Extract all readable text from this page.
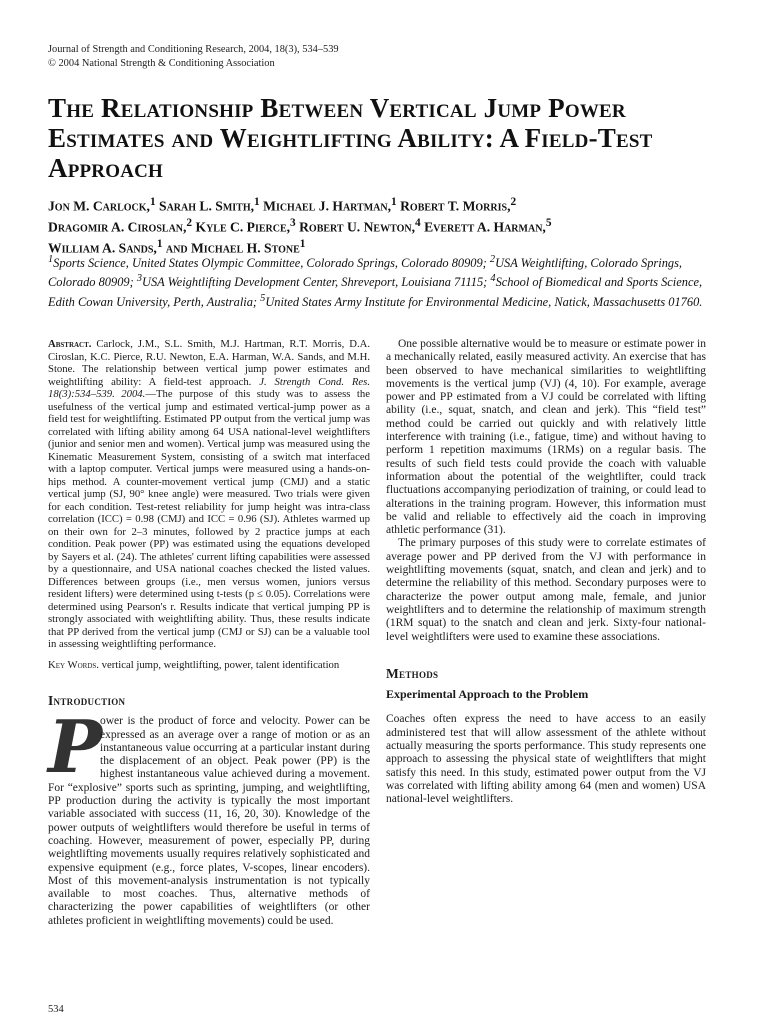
Journal of Strength and Conditioning Research, 2004, 18(3), 534–539
© 2004 National Strength & Conditioning Association
The Relationship Between Vertical Jump Power Estimates and Weightlifting Ability: A Field-Test Approach
Jon M. Carlock,$^1$ Sarah L. Smith,$^1$ Michael J. Hartman,$^1$ Robert T. Morris,$^2$
Dragomir A. Ciroslan,$^2$ Kyle C. Pierce,$^3$ Robert U. Newton,$^4$ Everett A. Harman,$^5$
William A. Sands,$^1$ and Michael H. Stone$^1$
$^1$Sports Science, United States Olympic Committee, Colorado Springs, Colorado 80909; $^2$USA Weightlifting, Colorado Springs, Colorado 80909; $^3$USA Weightlifting Development Center, Shreveport, Louisiana 71115; $^4$School of Biomedical and Sports Science, Edith Cowan University, Perth, Australia; $^5$United States Army Institute for Environmental Medicine, Natick, Massachusetts 01760.
Abstract. Carlock, J.M., S.L. Smith, M.J. Hartman, R.T. Morris, D.A. Ciroslan, K.C. Pierce, R.U. Newton, E.A. Harman, W.A. Sands, and M.H. Stone. The relationship between vertical jump power estimates and weightlifting ability: A field-test approach. J. Strength Cond. Res. 18(3):534–539. 2004.—The purpose of this study was to assess the usefulness of the vertical jump and estimated vertical-jump power as a field test for weightlifting. Estimated PP output from the vertical jump was correlated with lifting ability among 64 USA national-level weightlifters (junior and senior men and women). Vertical jump was measured using the Kinematic Measurement System, consisting of a switch mat interfaced with a laptop computer. Vertical jumps were measured using a hands-on-hips method. A counter-movement vertical jump (CMJ) and a static vertical jump (SJ, 90° knee angle) were measured. Two trials were given for each condition. Test-retest reliability for jump height was intra-class correlation (ICC) = 0.98 (CMJ) and ICC = 0.96 (SJ). Athletes warmed up on their own for 2–3 minutes, followed by 2 practice jumps at each condition. Peak power (PP) was estimated using the equations developed by Sayers et al. (24). The athletes' current lifting capabilities were assessed by a questionnaire, and USA national coaches checked the listed values. Differences between groups (i.e., men versus women, juniors versus resident lifters) were determined using t-tests (p ≤ 0.05). Correlations were determined using Pearson's r. Results indicate that vertical jumping PP is strongly associated with weightlifting ability. Thus, these results indicate that PP derived from the vertical jump (CMJ or SJ) can be a valuable tool in assessing weightlifting performance.
Key Words. vertical jump, weightlifting, power, talent identification
Introduction
P
ower is the product of force and velocity. Power can be expressed as an average over a range of motion or as an instantaneous value occurring at a particular instant during the displacement of an object. Peak power (PP) is the highest instantaneous value achieved during a movement. For “explosive” sports such as sprinting, jumping, and weightlifting, PP production during the activity is typically the most important variable associated with success (11, 16, 20, 30). Knowledge of the power outputs of weightlifters would therefore be useful in terms of coaching. However, measurement of power, especially PP, during weightlifting movements usually requires relatively sophisticated and expensive equipment (e.g., force plates, V-scopes, linear encoders). Most of this movement-analysis instrumentation is not typically available to most coaches. Thus, alternative methods of characterizing the power capabilities of weightlifters (or other athletes proficient in weightlifting movements) could be used.
One possible alternative would be to measure or estimate power in a mechanically related, easily measured activity. An exercise that has been observed to have mechanical similarities to weightlifting movements is the vertical jump (VJ) (4, 10). For example, average power and PP estimated from a VJ could be correlated with lifting ability (i.e., squat, snatch, and clean and jerk). This “field test” method could be carried out quickly and with relatively little interference with training (i.e., fatigue, time) and without having to perform 1 repetition maximums (1RMs) on a regular basis. The results of such field tests could provide the coach with valuable information about the potential of the weightlifter, could track fluctuations accompanying periodization of training, or could lead to alterations in the training program. However, this information must be valid and reliable to effectively aid the coach in improving athletic performance (31).
The primary purposes of this study were to correlate estimates of average power and PP derived from the VJ with performance in weightlifting movements (squat, snatch, and clean and jerk) and to determine the reliability of this method. Secondary purposes were to characterize the power output among male, female, and junior weightlifters and to determine the relationship of maximum strength (1RM squat) to the snatch and clean and jerk. Sixty-four national-level weightlifters were used to examine these associations.
Methods
Experimental Approach to the Problem
Coaches often express the need to have access to an easily administered test that will allow assessment of the athlete without actually measuring the sports performance. This study represents one approach to assessing the physical state of weightlifters that might satisfy this need. In this study, estimated power output from the VJ was correlated with lifting ability among 64 (men and women) USA national-level weightlifters.
534
